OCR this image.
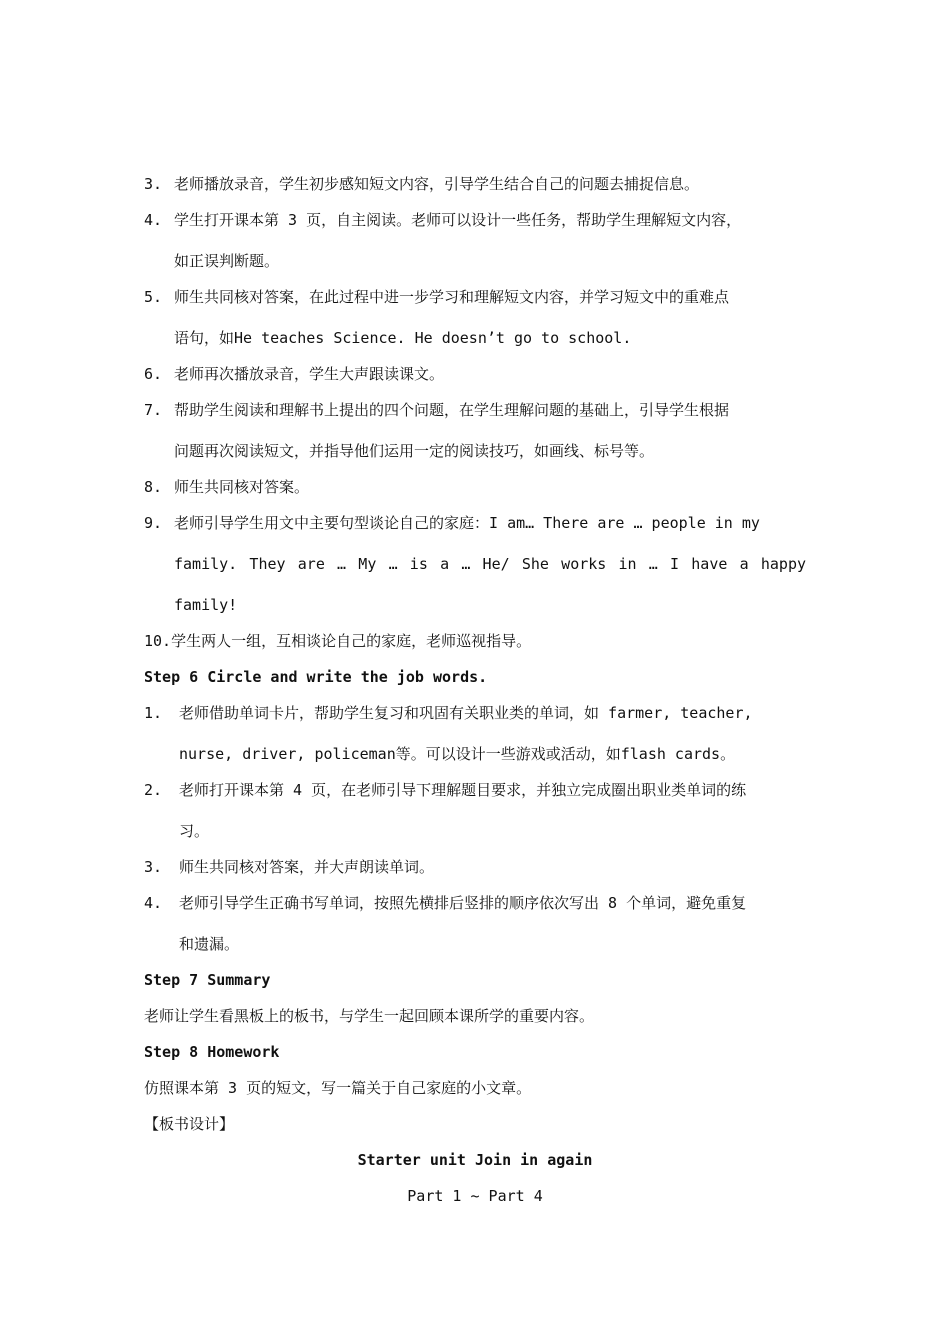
3. 老师播放录音，学生初步感知短文内容，引导学生结合自己的问题去捕捉信息。
4. 学生打开课本第 3 页，自主阅读。老师可以设计一些任务，帮助学生理解短文内容，
如正误判断题。
5. 师生共同核对答案，在此过程中进一步学习和理解短文内容，并学习短文中的重难点
语句，如He teaches Science. He doesn’t go to school.
6. 老师再次播放录音，学生大声跟读课文。
7. 帮助学生阅读和理解书上提出的四个问题，在学生理解问题的基础上，引导学生根据
问题再次阅读短文，并指导他们运用一定的阅读技巧，如画线、标号等。
8. 师生共同核对答案。
9. 老师引导学生用文中主要句型谈论自己的家庭：I am… There are … people in my
family. They are … My … is a … He/ She works in … I have a happy
family!
10.学生两人一组，互相谈论自己的家庭，老师巡视指导。
Step 6 Circle and write the job words.
1. 老师借助单词卡片，帮助学生复习和巩固有关职业类的单词，如 farmer, teacher,
nurse, driver, policeman等。可以设计一些游戏或活动，如flash cards。
2. 老师打开课本第 4 页，在老师引导下理解题目要求，并独立完成圈出职业类单词的练
习。
3. 师生共同核对答案，并大声朗读单词。
4. 老师引导学生正确书写单词，按照先横排后竖排的顺序依次写出 8 个单词，避免重复
和遗漏。
Step 7 Summary
老师让学生看黑板上的板书，与学生一起回顾本课所学的重要内容。
Step 8 Homework
仿照课本第 3 页的短文，写一篇关于自己家庭的小文章。
【板书设计】
Starter unit Join in again
Part 1 ~ Part 4
